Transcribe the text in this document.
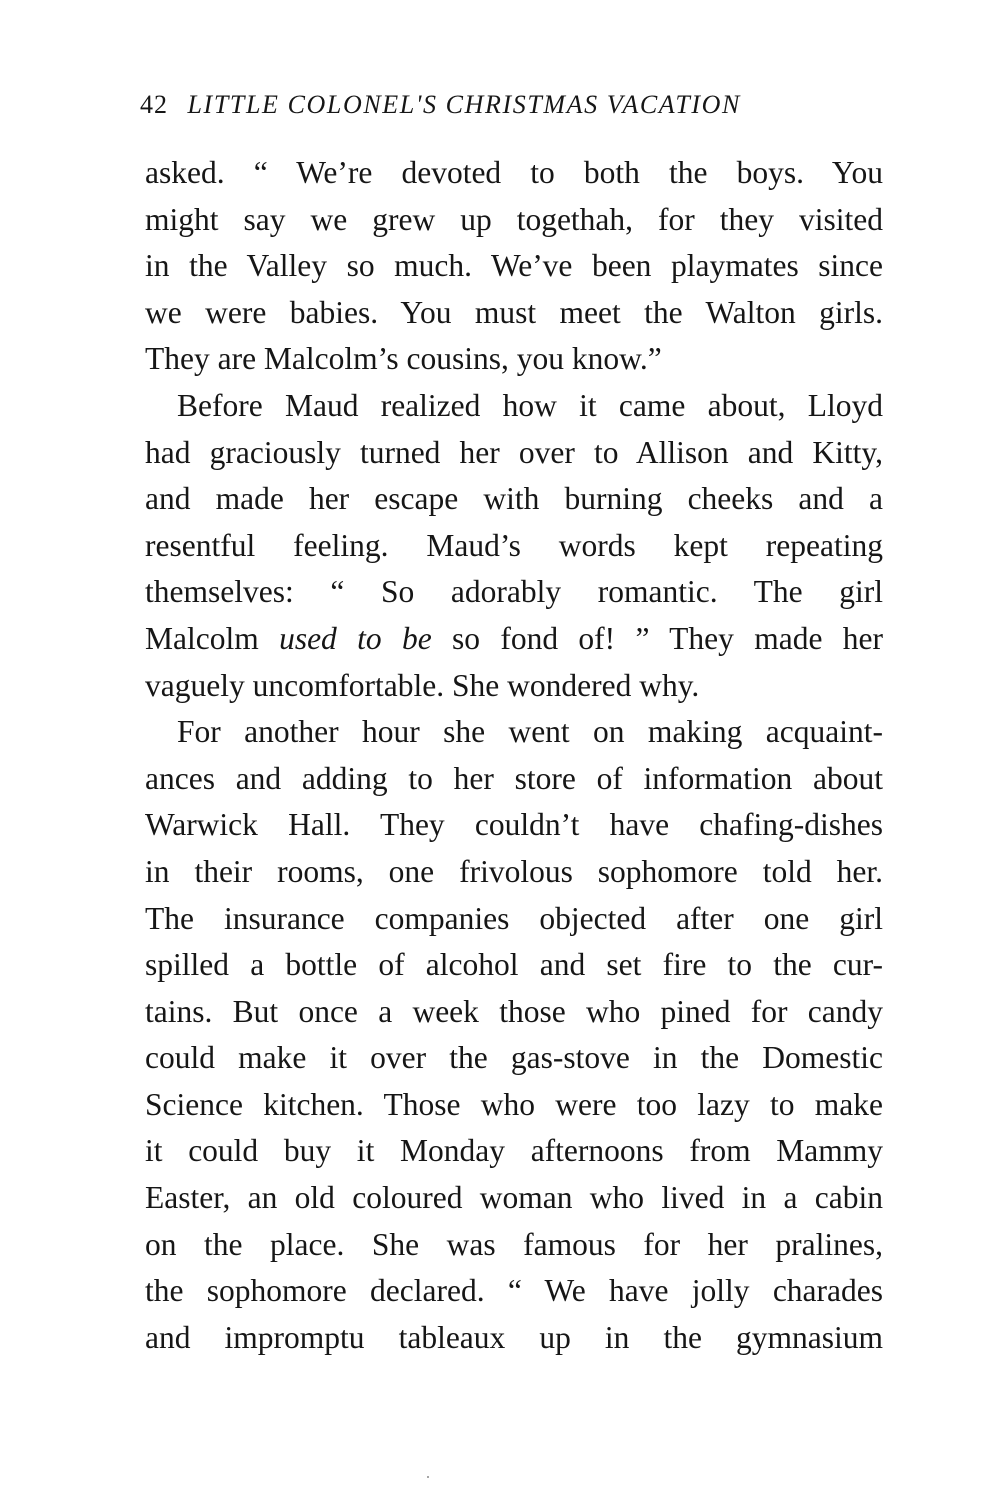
42 LITTLE COLONEL'S CHRISTMAS VACATION

asked. “ We’re devoted to both the boys. You
might say we grew up togethah, for they visited
in the Valley so much. We’ve been playmates since
we were babies. You must meet the Walton girls.
They are Malcolm’s cousins, you know.”

Before Maud realized how it came about, Lloyd
had graciously turned her over to Allison and Kitty,
and made her escape with burning cheeks and a
resentful feeling. Maud’s words kept repeating
themselves: “ So adorably romantic. The girl
Malcolm used to be so fond of! ” They made her
vaguely uncomfortable. She wondered why.

For another hour she went on making acquaint-
ances and adding to her store of information about
Warwick Hall. They couldn’t have chafing-dishes
in their rooms, one frivolous sophomore told her.
The insurance companies objected after one girl
spilled a bottle of alcohol and set fire to the cur-
tains. But once a week those who pined for candy
could make it over the gas-stove in the Domestic
Science kitchen. Those who were too lazy to make
it could buy it Monday afternoons from Mammy
Easter, an old coloured woman who lived in a cabin
on the place. She was famous for her pralines,
the sophomore declared. “ We have jolly charades
and impromptu tableaux up in the gymnasium
